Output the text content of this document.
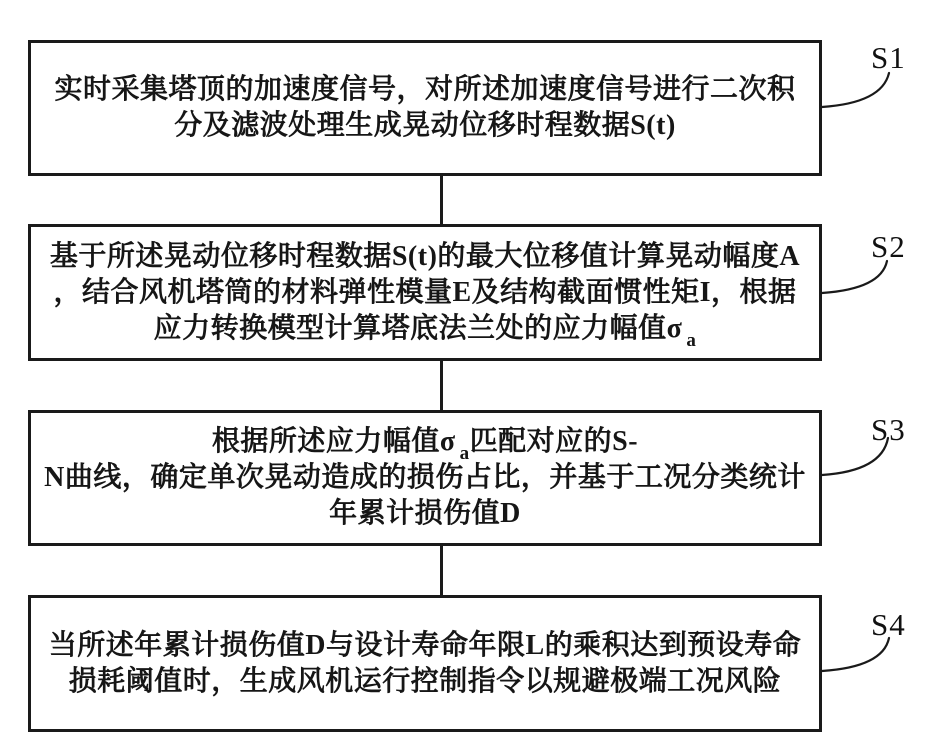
实时采集塔顶的加速度信号，对所述加速度信号进行二次积
分及滤波处理生成晃动位移时程数据S(t)
基于所述晃动位移时程数据S(t)的最大位移值计算晃动幅度A
，结合风机塔筒的材料弹性模量E及结构截面惯性矩I，根据
应力转换模型计算塔底法兰处的应力幅值σ $_a$
根据所述应力幅值σ $_a$匹配对应的S-
N曲线，确定单次晃动造成的损伤占比，并基于工况分类统计
年累计损伤值D
当所述年累计损伤值D与设计寿命年限L的乘积达到预设寿命
损耗阈值时，生成风机运行控制指令以规避极端工况风险
S1
S2
S3
S4
